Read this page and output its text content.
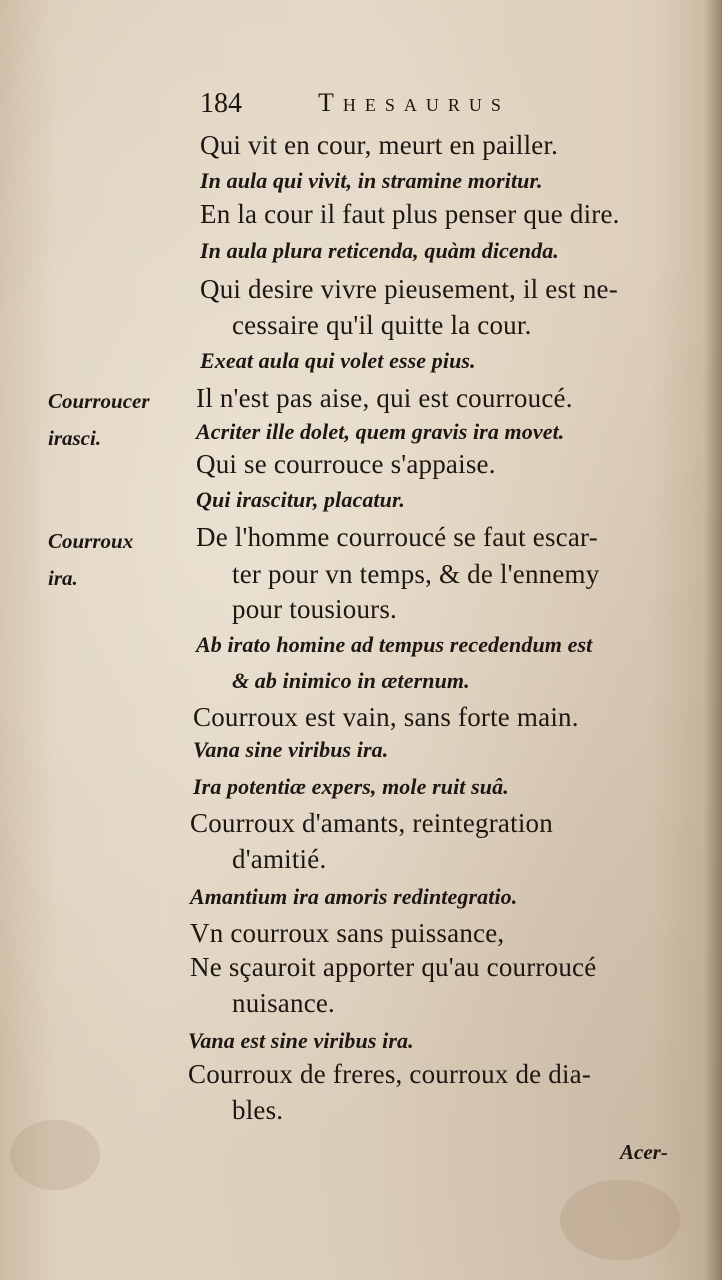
184	Thesaurus
Courroucer
irasci.
Courroux
ira.
Qui vit en cour, meurt en pailler.
In aula qui vivit, in stramine moritur.
En la cour il faut plus penser que dire.
In aula plura reticenda, quàm dicenda.
Qui desire vivre pieusement, il est ne-
cessaire qu'il quitte la cour.
Exeat aula qui volet esse pius.
Il n'est pas aise, qui est courroucé.
Acriter ille dolet, quem gravis ira movet.
Qui se courrouce s'appaise.
Qui irascitur, placatur.
De l'homme courroucé se faut escar-
ter pour vn temps, & de l'ennemy
pour tousiours.
Ab irato homine ad tempus recedendum est
& ab inimico in æternum.
Courroux est vain, sans forte main.
Vana sine viribus ira.
Ira potentiæ expers, mole ruit suâ.
Courroux d'amants, reintegration
d'amitié.
Amantium ira amoris redintegratio.
Vn courroux sans puissance,
Ne sçauroit apporter qu'au courroucé
nuisance.
Vana est sine viribus ira.
Courroux de freres, courroux de dia-
bles.
Acer-
